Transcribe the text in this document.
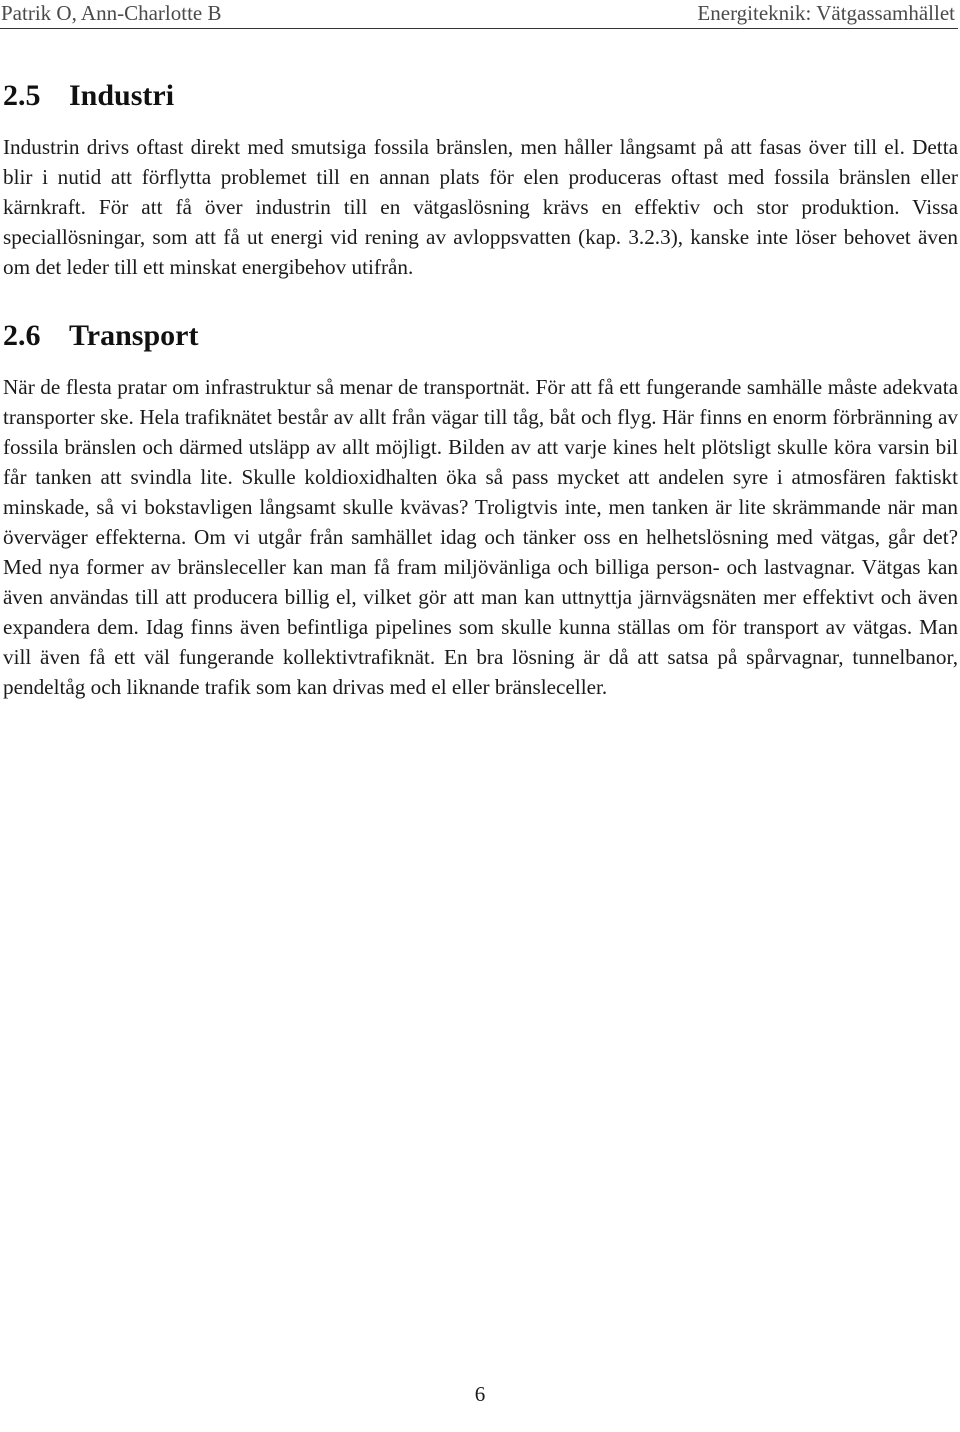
Patrik O, Ann-Charlotte B	Energiteknik: Vätgassamhället
2.5 Industri

Industrin drivs oftast direkt med smutsiga fossila bränslen, men håller långsamt på att fasas över till el. Detta blir i nutid att förflytta problemet till en annan plats för elen produceras oftast med fossila bränslen eller kärnkraft. För att få över industrin till en vätgaslösning krävs en effektiv och stor produktion. Vissa speciallösningar, som att få ut energi vid rening av avloppsvatten (kap. 3.2.3), kanske inte löser behovet även om det leder till ett minskat energibehov utifrån.

2.6 Transport

När de flesta pratar om infrastruktur så menar de transportnät. För att få ett fungerande samhälle måste adekvata transporter ske. Hela trafiknätet består av allt från vägar till tåg, båt och flyg. Här finns en enorm förbränning av fossila bränslen och därmed utsläpp av allt möjligt. Bilden av att varje kines helt plötsligt skulle köra varsin bil får tanken att svindla lite. Skulle koldioxidhalten öka så pass mycket att andelen syre i atmosfären faktiskt minskade, så vi bokstavligen långsamt skulle kvävas? Troligtvis inte, men tanken är lite skrämmande när man överväger effekterna. Om vi utgår från samhället idag och tänker oss en helhetslösning med vätgas, går det? Med nya former av bränsleceller kan man få fram miljövänliga och billiga person- och lastvagnar. Vätgas kan även användas till att producera billig el, vilket gör att man kan uttnyttja järnvägsnäten mer effektivt och även expandera dem. Idag finns även befintliga pipelines som skulle kunna ställas om för transport av vätgas. Man vill även få ett väl fungerande kollektivtrafiknät. En bra lösning är då att satsa på spårvagnar, tunnelbanor, pendeltåg och liknande trafik som kan drivas med el eller bränsleceller.

6
